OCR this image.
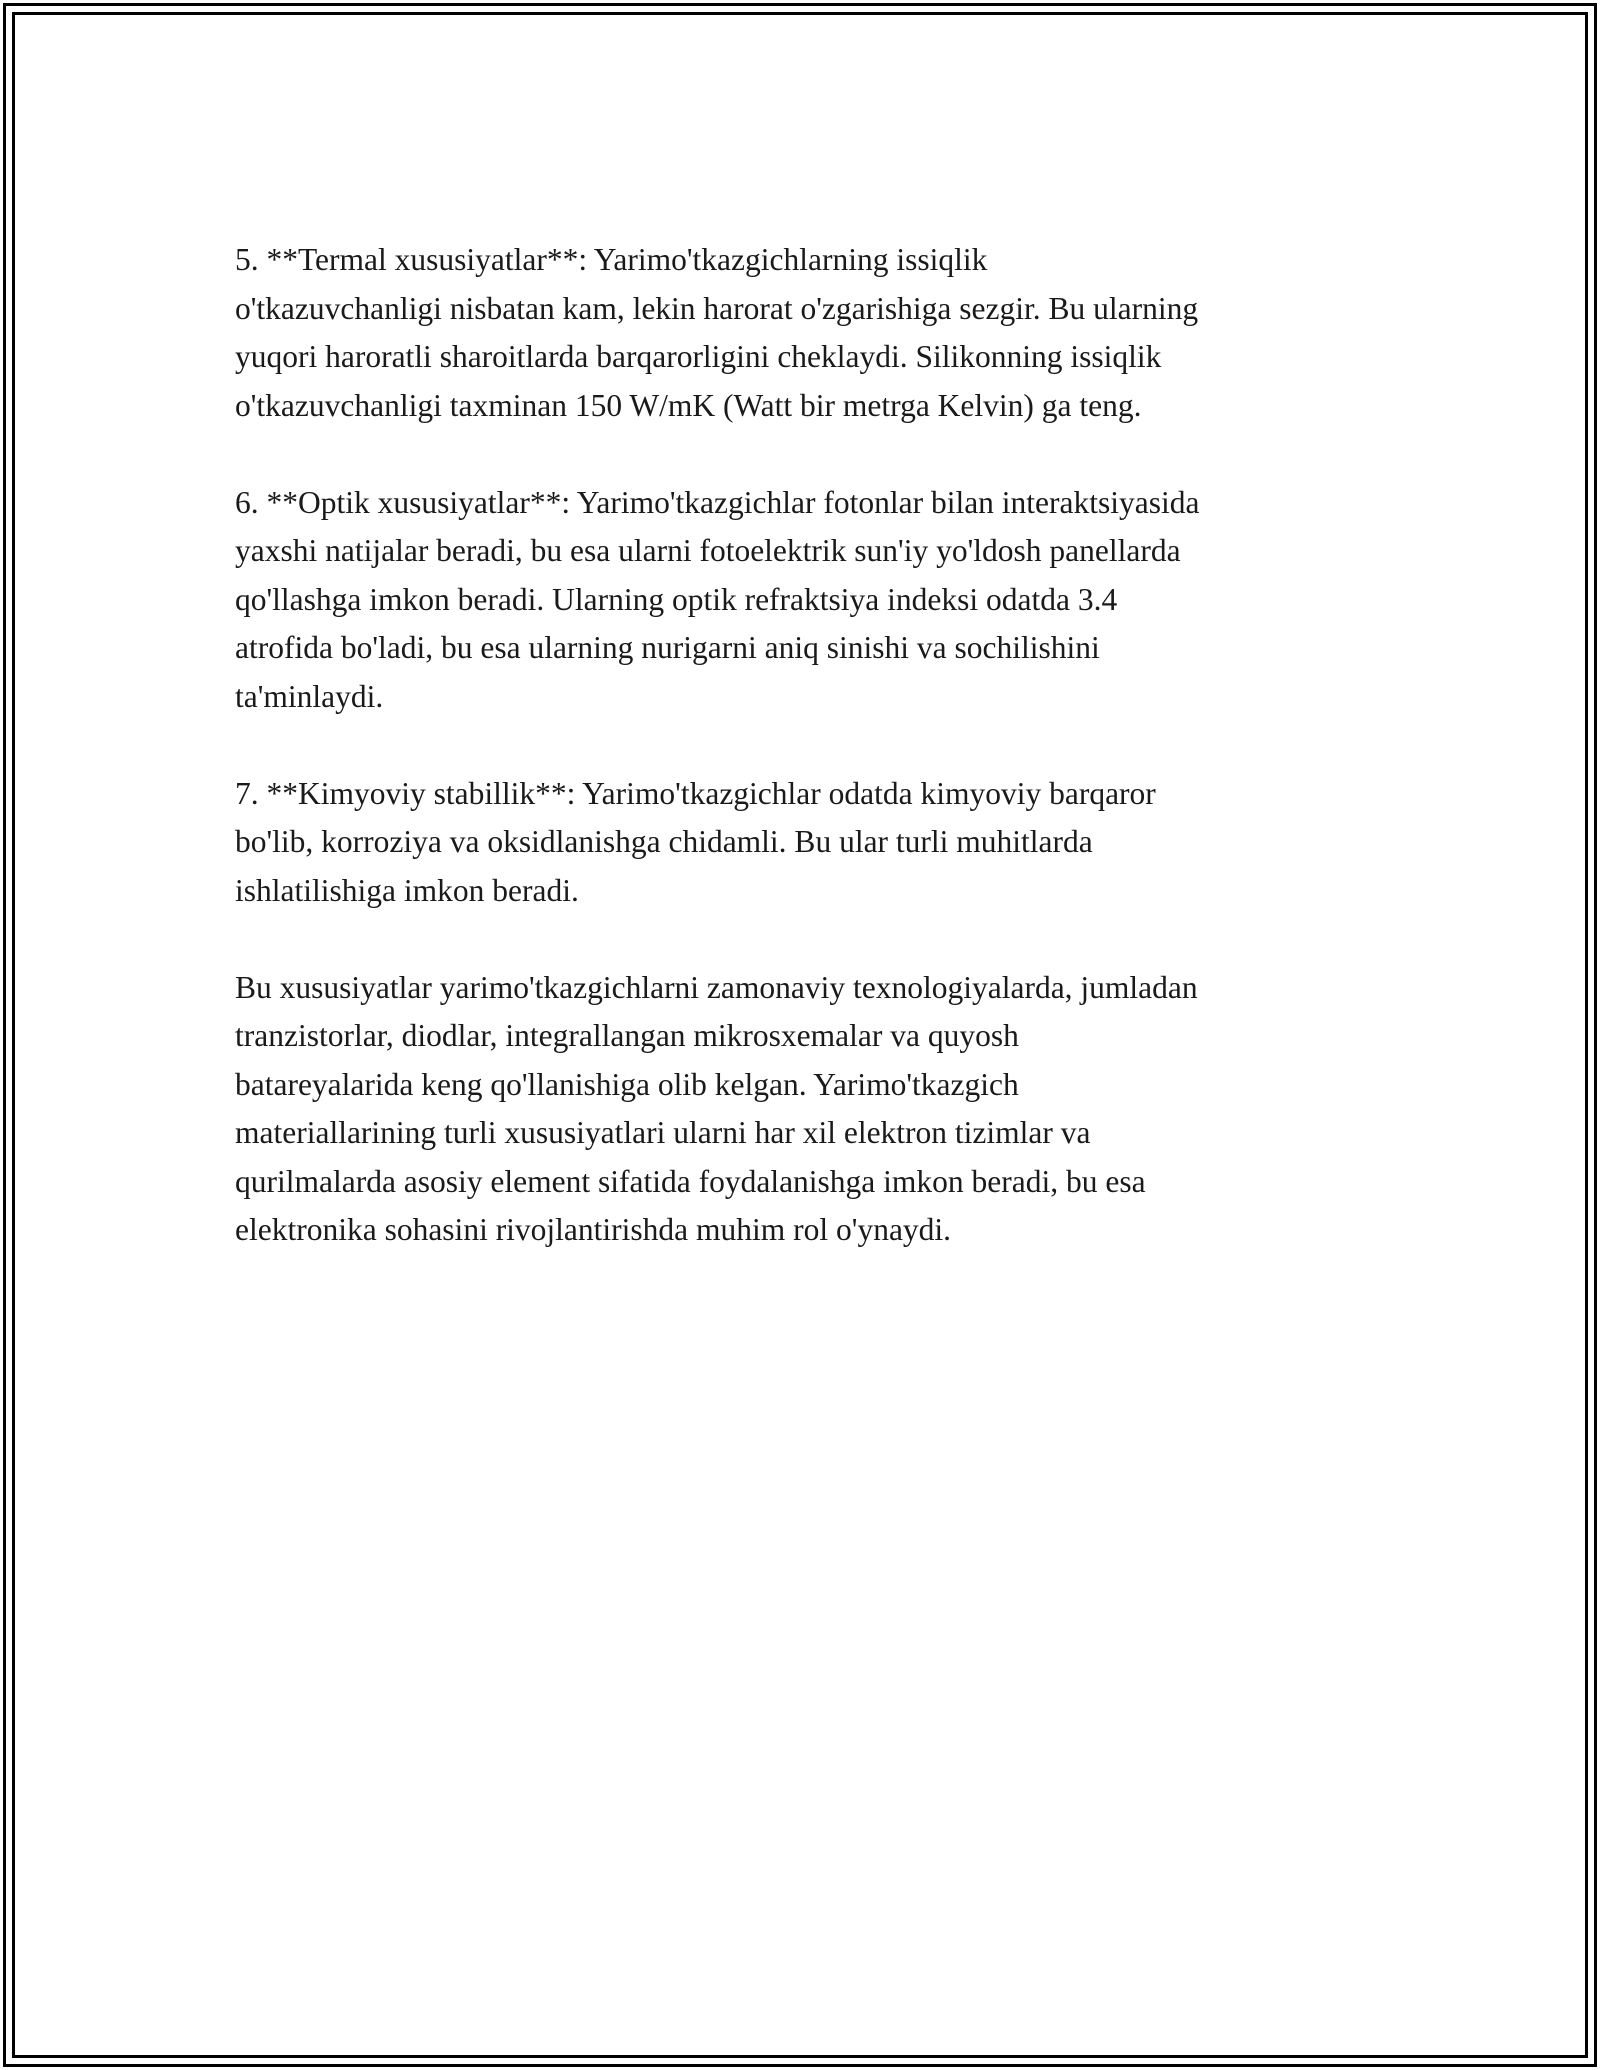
5. **Termal xususiyatlar**: Yarimo'tkazgichlarning issiqlik
o'tkazuvchanligi nisbatan kam, lekin harorat o'zgarishiga sezgir. Bu ularning
yuqori haroratli sharoitlarda barqarorligini cheklaydi. Silikonning issiqlik
o'tkazuvchanligi taxminan 150 W/mK (Watt bir metrga Kelvin) ga teng.

6. **Optik xususiyatlar**: Yarimo'tkazgichlar fotonlar bilan interaktsiyasida
yaxshi natijalar beradi, bu esa ularni fotoelektrik sun'iy yo'ldosh panellarda
qo'llashga imkon beradi. Ularning optik refraktsiya indeksi odatda 3.4
atrofida bo'ladi, bu esa ularning nurigarni aniq sinishi va sochilishini
ta'minlaydi.

7. **Kimyoviy stabillik**: Yarimo'tkazgichlar odatda kimyoviy barqaror
bo'lib, korroziya va oksidlanishga chidamli. Bu ular turli muhitlarda
ishlatilishiga imkon beradi.

Bu xususiyatlar yarimo'tkazgichlarni zamonaviy texnologiyalarda, jumladan
tranzistorlar, diodlar, integrallangan mikrosxemalar va quyosh
batareyalarida keng qo'llanishiga olib kelgan. Yarimo'tkazgich
materiallarining turli xususiyatlari ularni har xil elektron tizimlar va
qurilmalarda asosiy element sifatida foydalanishga imkon beradi, bu esa
elektronika sohasini rivojlantirishda muhim rol o'ynaydi.
